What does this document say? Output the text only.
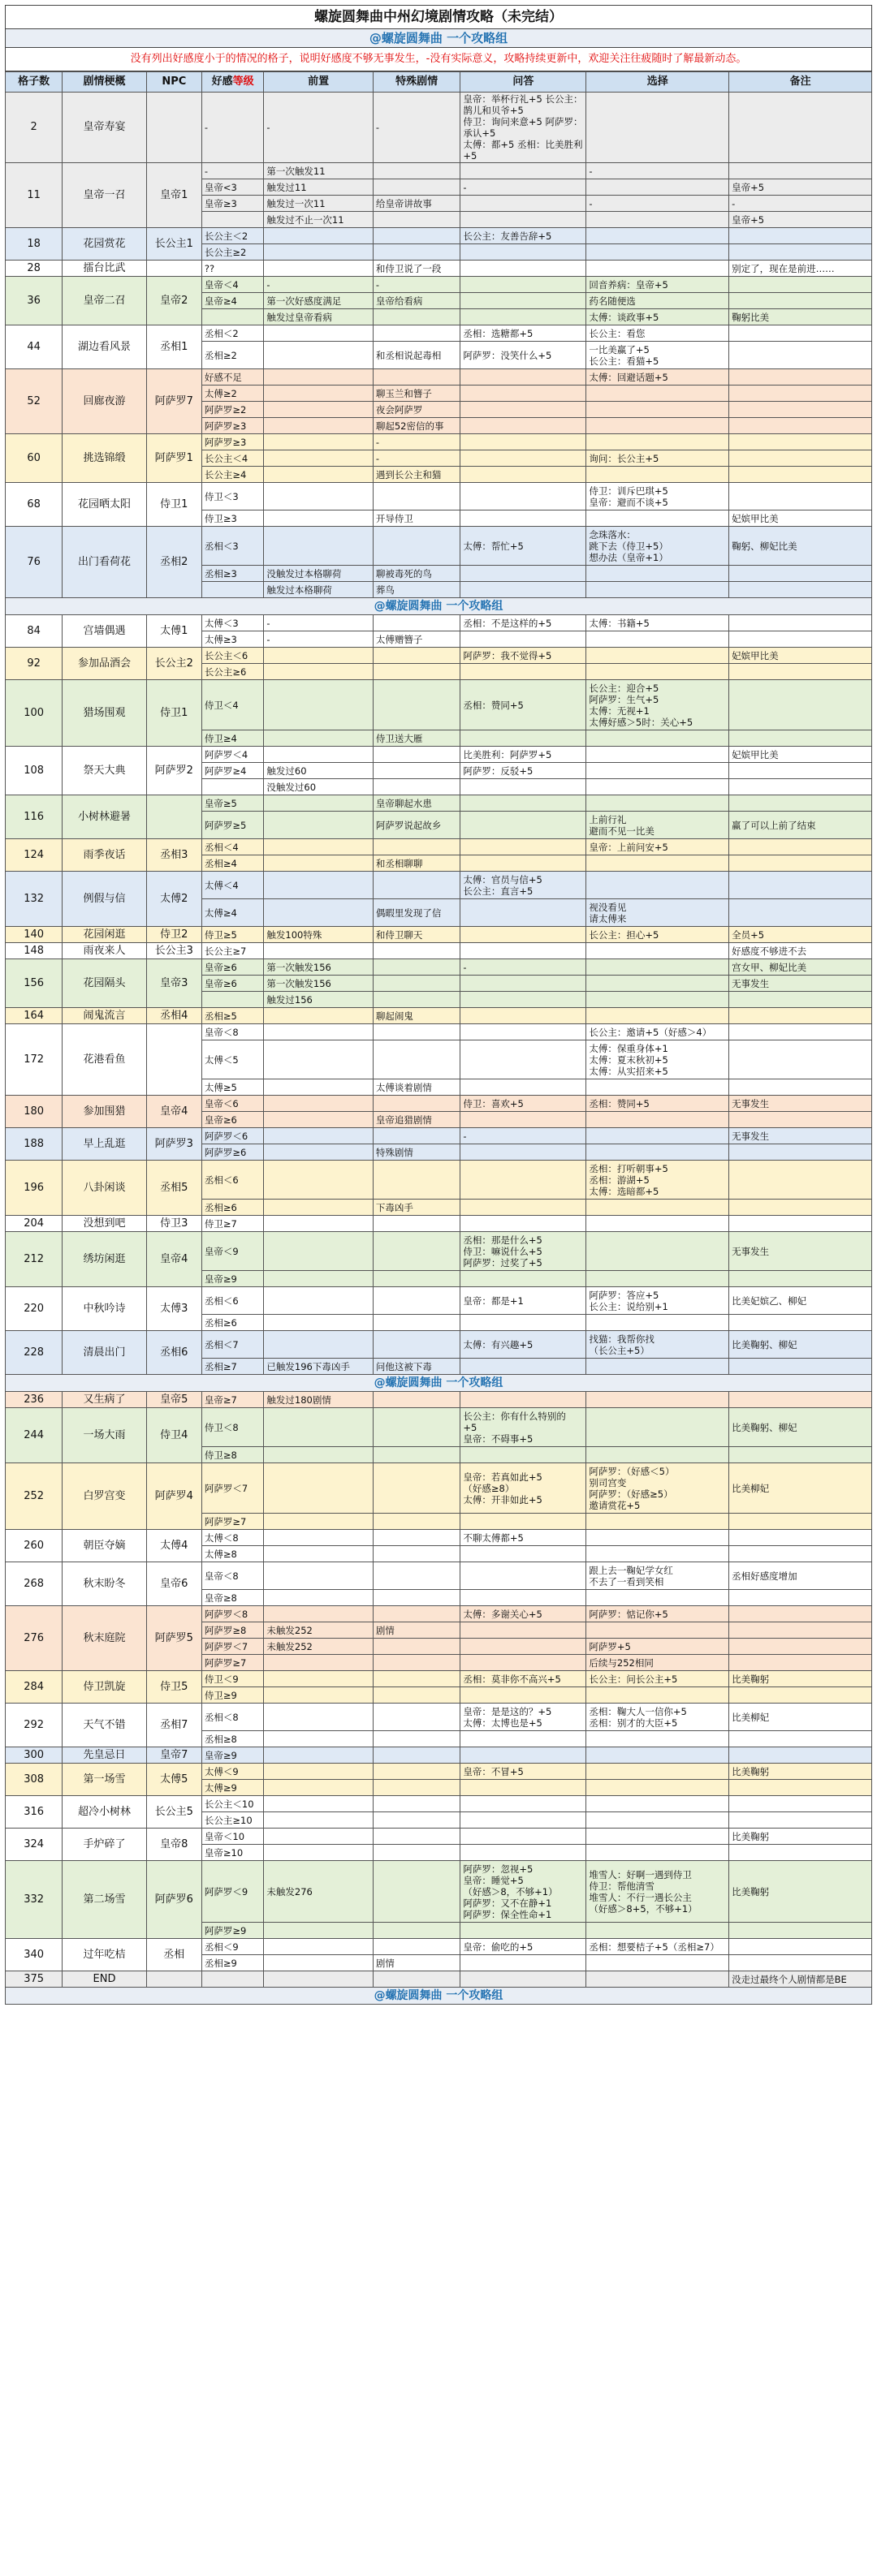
螺旋圆舞曲中州幻境剧情攻略（未完结）
@螺旋圆舞曲 一个攻略组
没有列出好感度小于的情况的格子，说明好感度不够无事发生，-没有实际意义，攻略持续更新中，欢迎关注往疲随时了解最新动态。
格子数	剧情梗概	NPC	好感等级	前置	特殊剧情	问答	选择	备注
2	皇帝寿宴		-	-	-	皇帝：举杯行礼+5 长公主：鹊儿和贝爷+5
侍卫：询问来意+5 阿萨罗：承认+5
太傅：都+5 丞相：比美胜利+5		
11	皇帝一召	皇帝1	-	第一次触发11			-	
			皇帝<3	触发过11		-		皇帝+5
			皇帝≥3	触发过一次11	给皇帝讲故事		-	-
				触发过不止一次11				皇帝+5
18	花园赏花	长公主1	长公主＜2			长公主：友善告辞+5		
			长公主≥2					
28	擂台比武		??		和侍卫说了一段			别定了，现在是前进……
36	皇帝二召	皇帝2	皇帝＜4	-	-		回音养病：皇帝+5	
			皇帝≥4	第一次好感度满足	皇帝给看病		药名随便选	
				触发过皇帝看病			太傅：谈政事+5	鞠躬比美
44	湖边看风景	丞相1	丞相＜2			丞相：选糖都+5	长公主：看您	
			丞相≥2		和丞相说起毒相	阿萨罗：没笑什么+5	一比美赢了+5
长公主：看猫+5	
52	回廊夜游	阿萨罗7	好感不足				太傅：回避话题+5	
			太傅≥2		聊玉兰和簪子			
			阿萨罗≥2		夜会阿萨罗			
			阿萨罗≥3		聊起52密信的事			
60	挑选锦缎	阿萨罗1	阿萨罗≥3		-			
			长公主＜4		-		询问：长公主+5	
			长公主≥4		遇到长公主和猫			
68	花园晒太阳	侍卫1	侍卫＜3				侍卫：训斥巴琪+5
皇帝：避而不谈+5	
			侍卫≥3		开导侍卫			妃嫔甲比美
76	出门看荷花	丞相2	丞相＜3			太傅：帮忙+5	念珠落水：
跳下去（侍卫+5）
想办法（皇帝+1）	鞠躬、柳妃比美
			丞相≥3	没触发过本格聊荷	聊被毒死的鸟			
				触发过本格聊荷	葬鸟			
@螺旋圆舞曲 一个攻略组								
84	宫墙偶遇	太傅1	太傅＜3	-		丞相：不是这样的+5	太傅：书籍+5	
			太傅≥3	-	太傅赠簪子			
92	参加品酒会	长公主2	长公主＜6			阿萨罗：我不觉得+5		妃嫔甲比美
			长公主≥6					
100	猎场围观	侍卫1	侍卫＜4			丞相：赞同+5	长公主：迎合+5
阿萨罗：生气+5
太傅：无视+1
太傅好感＞5时：关心+5	
			侍卫≥4		侍卫送大雁			
108	祭天大典	阿萨罗2	阿萨罗＜4			比美胜利：阿萨罗+5		妃嫔甲比美
			阿萨罗≥4	触发过60		阿萨罗：反驳+5		
				没触发过60				
116	小树林避暑		皇帝≥5		皇帝聊起水患			
			阿萨罗≥5		阿萨罗说起故乡		上前行礼
避而不见一比美	赢了可以上前了结束
124	雨季夜话	丞相3	丞相＜4				皇帝：上前问安+5	
			丞相≥4		和丞相聊聊			
132	例假与信	太傅2	太傅＜4			太傅：官员与信+5
长公主：直言+5		
			太傅≥4		偶暇里发现了信		视没看见
请太傅来	
140	花园闲逛	侍卫2	侍卫≥5	触发100特殊	和侍卫聊天		长公主：担心+5	全员+5
148	雨夜来人	长公主3	长公主≥7					好感度不够进不去
156	花园隔头	皇帝3	皇帝≥6	第一次触发156		-		宫女甲、柳妃比美
			皇帝≥6	第一次触发156				无事发生
				触发过156				
164	闹鬼流言	丞相4	丞相≥5		聊起闹鬼			
172	花港看鱼		皇帝＜8				长公主：邀请+5（好感＞4）	
			太傅＜5				太傅：保重身体+1
太傅：夏末秋初+5
太傅：从实招来+5	
			太傅≥5		太傅谈着剧情			
180	参加围猎	皇帝4	皇帝＜6			侍卫：喜欢+5	丞相：赞同+5	无事发生
			皇帝≥6		皇帝追猎剧情			
188	早上乱逛	阿萨罗3	阿萨罗＜6			-		无事发生
			阿萨罗≥6		特殊剧情			
196	八卦闲谈	丞相5	丞相＜6				丞相：打听朝事+5
丞相：游湖+5
太傅：选暗都+5	
			丞相≥6		下毒凶手			
204	没想到吧	侍卫3	侍卫≥7					
212	绣坊闲逛	皇帝4	皇帝＜9			丞相：那是什么+5
侍卫：嘛说什么+5
阿萨罗：过奖了+5		无事发生
			皇帝≥9					
220	中秋吟诗	太傅3	丞相＜6			皇帝：都是+1	阿萨罗：答应+5
长公主：说给别+1	比美妃嫔乙、柳妃
			丞相≥6					
228	清晨出门	丞相6	丞相＜7			太傅：有兴趣+5	找猫：我帮你找
（长公主+5）	比美鞠躬、柳妃
			丞相≥7	已触发196下毒凶手	问他这被下毒			
@螺旋圆舞曲 一个攻略组								
236	又生病了	皇帝5	皇帝≥7	触发过180剧情				
244	一场大雨	侍卫4	侍卫＜8			长公主：你有什么特别的
+5
皇帝：不碍事+5		比美鞠躬、柳妃
			侍卫≥8					
252	白罗宫变	阿萨罗4	阿萨罗＜7			皇帝：若真如此+5
（好感≥8）
太傅：开非如此+5	阿萨罗：（好感＜5）
别司宫变
阿萨罗：（好感≥5）
邀请赏花+5	比美柳妃
			阿萨罗≥7					
260	朝臣夺嫡	太傅4	太傅＜8			不聊太傅都+5		
			太傅≥8					
268	秋末盼冬	皇帝6	皇帝＜8				跟上去一鞠妃学女红
不去了一看到笑相	丞相好感度增加
			皇帝≥8					
276	秋末庭院	阿萨罗5	阿萨罗＜8			太傅：多谢关心+5	阿萨罗：惦记你+5	
			阿萨罗≥8	未触发252	剧情			
			阿萨罗＜7	未触发252			阿萨罗+5	
			阿萨罗≥7				后续与252相同	
284	侍卫凯旋	侍卫5	侍卫＜9			丞相：莫非你不高兴+5	长公主：问长公主+5	比美鞠躬
			侍卫≥9					
292	天气不错	丞相7	丞相＜8			皇帝：是是这的？+5
太傅：太博也是+5	丞相：鞠大人一信你+5
丞相：别才的大臣+5	比美柳妃
			丞相≥8					
300	先皇忌日	皇帝7	皇帝≥9					
308	第一场雪	太傅5	太傅＜9			皇帝：不冒+5		比美鞠躬
			太傅≥9					
316	超冷小树林	长公主5	长公主＜10					
			长公主≥10					
324	手炉碎了	皇帝8	皇帝＜10					比美鞠躬
			皇帝≥10					
332	第二场雪	阿萨罗6	阿萨罗＜9	未触发276		阿萨罗：忽视+5
皇帝：睡觉+5
（好感＞8，不够+1）
阿萨罗：又不在静+1
阿萨罗：保全性命+1	堆雪人：好啊一遇到侍卫
侍卫：帮他清雪
堆雪人：不行一遇长公主
（好感＞8+5，不够+1）	比美鞠躬
			阿萨罗≥9					
340	过年吃桔	丞相	丞相＜9			皇帝：偷吃的+5	丞相：想要桔子+5（丞相≥7）	
			丞相≥9		剧情			
375	END							没走过最终个人剧情都是BE
@螺旋圆舞曲 一个攻略组								
